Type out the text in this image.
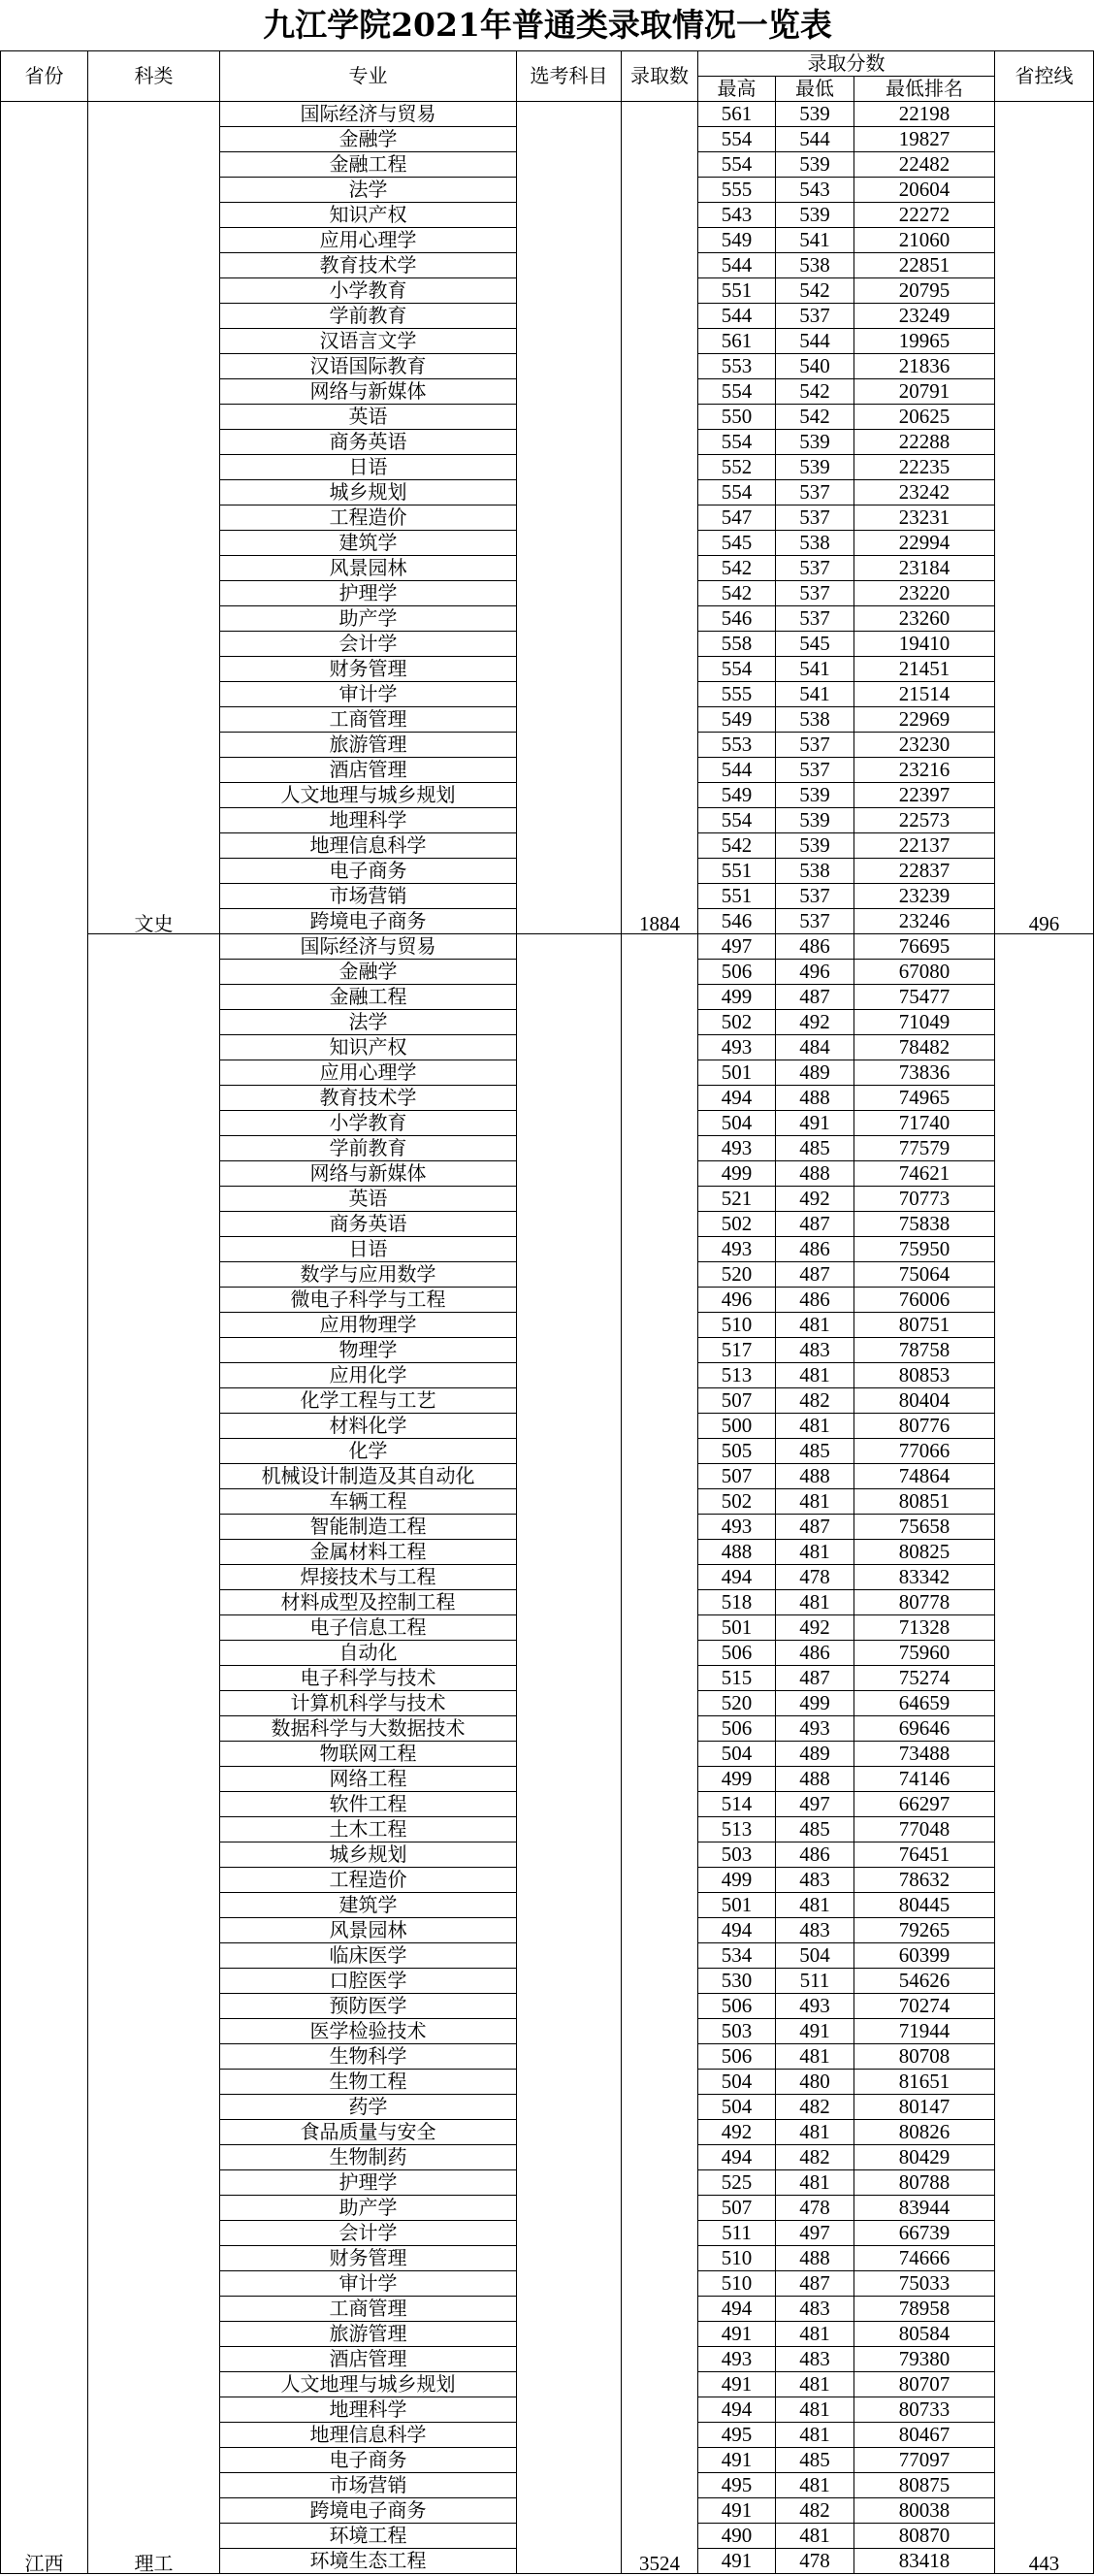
九江学院2021年普通类录取情况一览表
省份	科类	专业	选考科目	录取数	录取分数			省控线
					最高	最低	最低排名	
江西	文史	国际经济与贸易		1884	561	539	22198	496
		金融学			554	544	19827	
		金融工程			554	539	22482	
		法学			555	543	20604	
		知识产权			543	539	22272	
		应用心理学			549	541	21060	
		教育技术学			544	538	22851	
		小学教育			551	542	20795	
		学前教育			544	537	23249	
		汉语言文学			561	544	19965	
		汉语国际教育			553	540	21836	
		网络与新媒体			554	542	20791	
		英语			550	542	20625	
		商务英语			554	539	22288	
		日语			552	539	22235	
		城乡规划			554	537	23242	
		工程造价			547	537	23231	
		建筑学			545	538	22994	
		风景园林			542	537	23184	
		护理学			542	537	23220	
		助产学			546	537	23260	
		会计学			558	545	19410	
		财务管理			554	541	21451	
		审计学			555	541	21514	
		工商管理			549	538	22969	
		旅游管理			553	537	23230	
		酒店管理			544	537	23216	
		人文地理与城乡规划			549	539	22397	
		地理科学			554	539	22573	
		地理信息科学			542	539	22137	
		电子商务			551	538	22837	
		市场营销			551	537	23239	
		跨境电子商务			546	537	23246	
	理工	国际经济与贸易		3524	497	486	76695	443
		金融学			506	496	67080	
		金融工程			499	487	75477	
		法学			502	492	71049	
		知识产权			493	484	78482	
		应用心理学			501	489	73836	
		教育技术学			494	488	74965	
		小学教育			504	491	71740	
		学前教育			493	485	77579	
		网络与新媒体			499	488	74621	
		英语			521	492	70773	
		商务英语			502	487	75838	
		日语			493	486	75950	
		数学与应用数学			520	487	75064	
		微电子科学与工程			496	486	76006	
		应用物理学			510	481	80751	
		物理学			517	483	78758	
		应用化学			513	481	80853	
		化学工程与工艺			507	482	80404	
		材料化学			500	481	80776	
		化学			505	485	77066	
		机械设计制造及其自动化			507	488	74864	
		车辆工程			502	481	80851	
		智能制造工程			493	487	75658	
		金属材料工程			488	481	80825	
		焊接技术与工程			494	478	83342	
		材料成型及控制工程			518	481	80778	
		电子信息工程			501	492	71328	
		自动化			506	486	75960	
		电子科学与技术			515	487	75274	
		计算机科学与技术			520	499	64659	
		数据科学与大数据技术			506	493	69646	
		物联网工程			504	489	73488	
		网络工程			499	488	74146	
		软件工程			514	497	66297	
		土木工程			513	485	77048	
		城乡规划			503	486	76451	
		工程造价			499	483	78632	
		建筑学			501	481	80445	
		风景园林			494	483	79265	
		临床医学			534	504	60399	
		口腔医学			530	511	54626	
		预防医学			506	493	70274	
		医学检验技术			503	491	71944	
		生物科学			506	481	80708	
		生物工程			504	480	81651	
		药学			504	482	80147	
		食品质量与安全			492	481	80826	
		生物制药			494	482	80429	
		护理学			525	481	80788	
		助产学			507	478	83944	
		会计学			511	497	66739	
		财务管理			510	488	74666	
		审计学			510	487	75033	
		工商管理			494	483	78958	
		旅游管理			491	481	80584	
		酒店管理			493	483	79380	
		人文地理与城乡规划			491	481	80707	
		地理科学			494	481	80733	
		地理信息科学			495	481	80467	
		电子商务			491	485	77097	
		市场营销			495	481	80875	
		跨境电子商务			491	482	80038	
		环境工程			490	481	80870	
		环境生态工程			491	478	83418	
